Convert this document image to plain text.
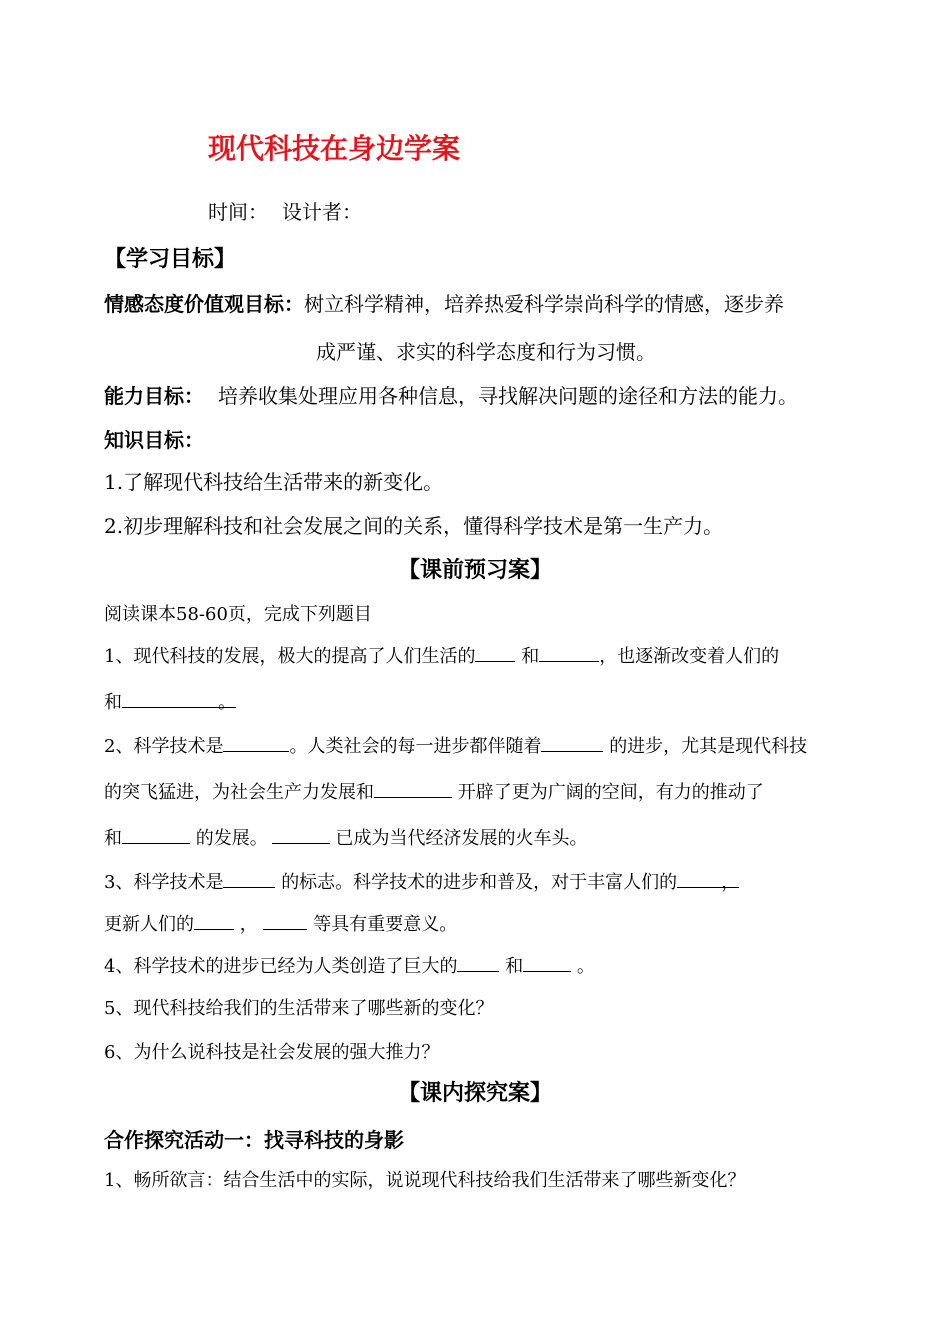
现代科技在身边学案
时间： 设计者：
【学习目标】
情感态度价值观目标：树立科学精神，培养热爱科学崇尚科学的情感，逐步养
成严谨、求实的科学态度和行为习惯。
能力目标： 培养收集处理应用各种信息，寻找解决问题的途径和方法的能力。
知识目标：
1.了解现代科技给生活带来的新变化。
2.初步理解科技和社会发展之间的关系，懂得科学技术是第一生产力。
【课前预习案】
阅读课本58-60页，完成下列题目
1、现代科技的发展，极大的提高了人们生活的	和	，也逐渐改变着人们的
和	。
2、科学技术是	。人类社会的每一进步都伴随着	的进步，尤其是现代科技
的突飞猛进，为社会生产力发展和	开辟了更为广阔的空间，有力的推动了
和	的发展。	已成为当代经济发展的火车头。
3、科学技术是	的标志。科学技术的进步和普及，对于丰富人们的 ，
更新人们的	，	等具有重要意义。
4、科学技术的进步已经为人类创造了巨大的	和	。
5、现代科技给我们的生活带来了哪些新的变化？
6、为什么说科技是社会发展的强大推力？
【课内探究案】
合作探究活动一：找寻科技的身影
1、畅所欲言：结合生活中的实际，说说现代科技给我们生活带来了哪些新变化？
